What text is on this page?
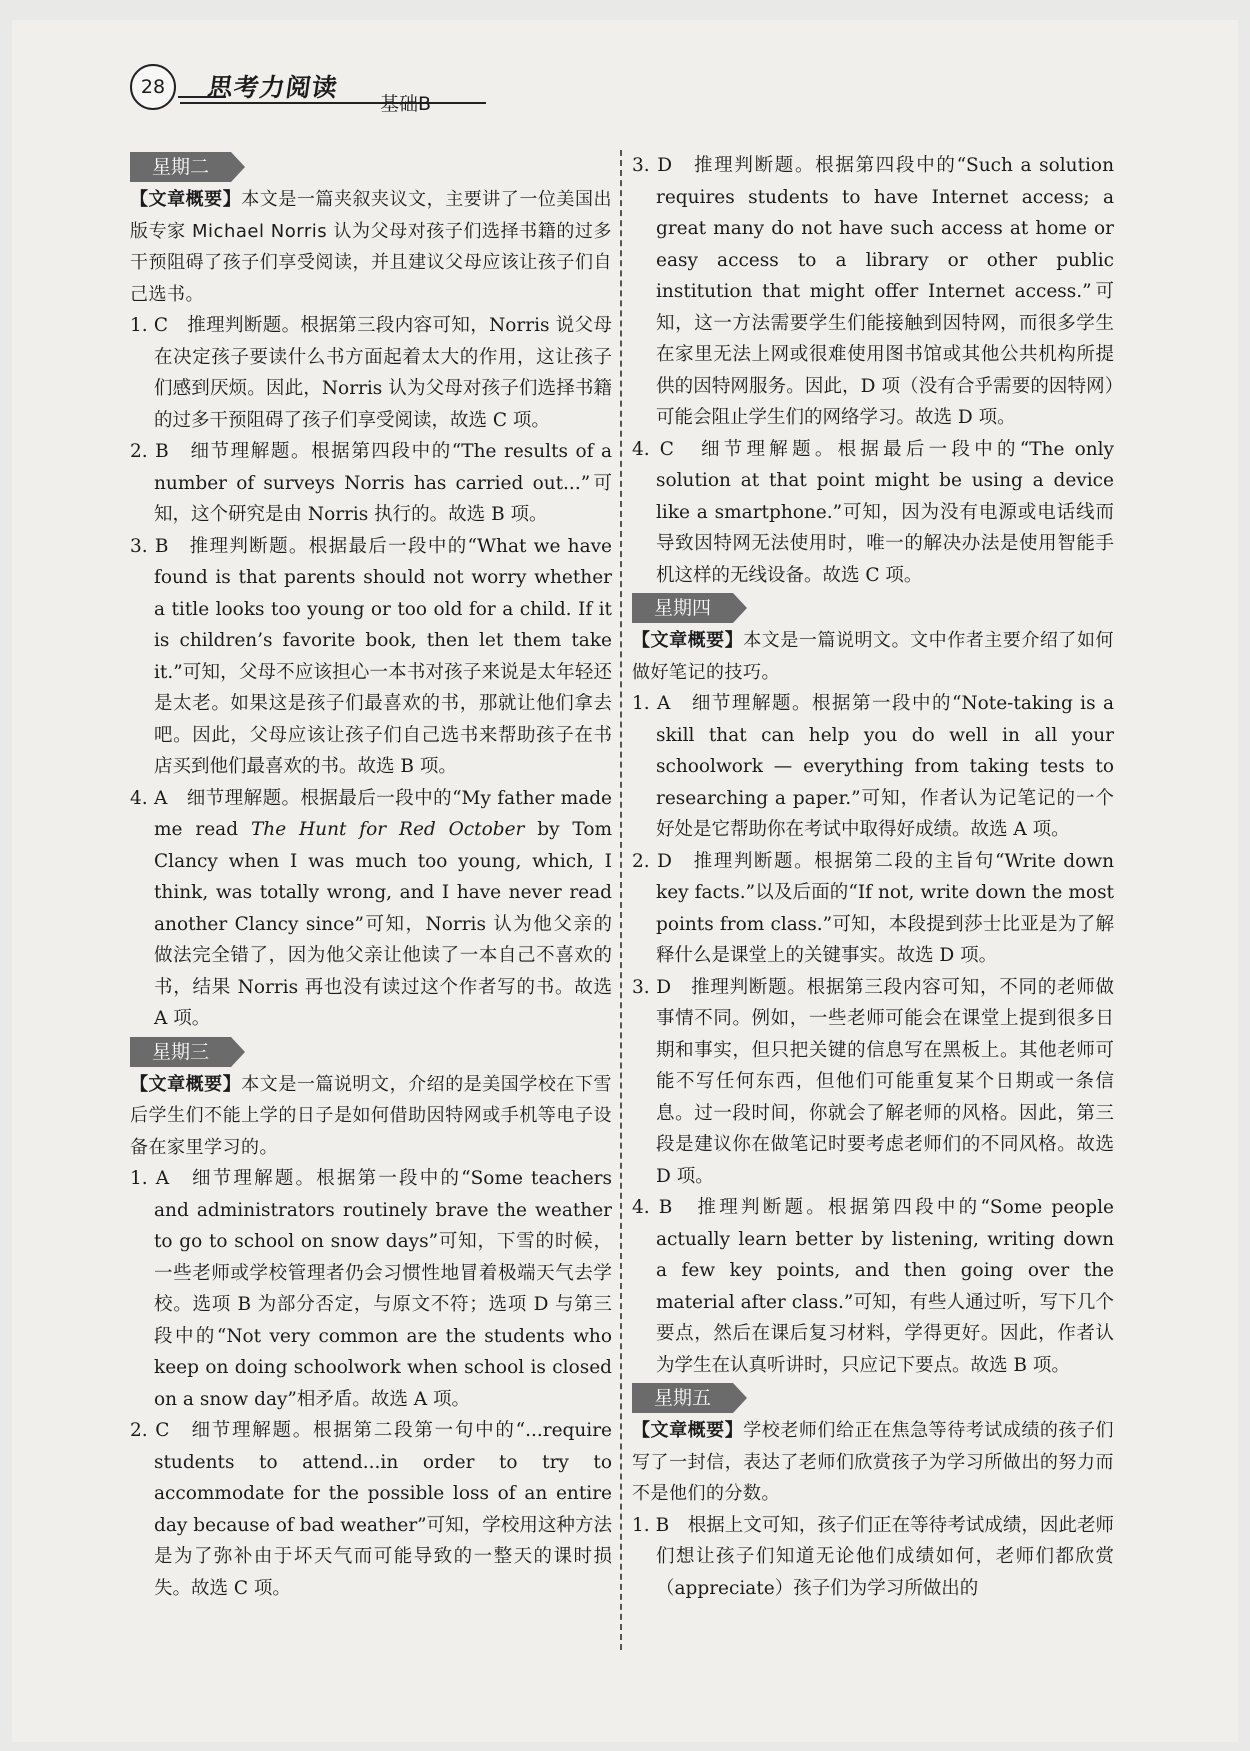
28	思考力阅读
基础B
星期二

【文章概要】本文是一篇夹叙夹议文，主要讲了一位美国出版专家 Michael Norris 认为父母对孩子们选择书籍的过多干预阻碍了孩子们享受阅读，并且建议父母应该让孩子们自己选书。

1. C　推理判断题。根据第三段内容可知，Norris 说父母在决定孩子要读什么书方面起着太大的作用，这让孩子们感到厌烦。因此，Norris 认为父母对孩子们选择书籍的过多干预阻碍了孩子们享受阅读，故选 C 项。

2. B　细节理解题。根据第四段中的“The results of a number of surveys Norris has carried out...”可知，这个研究是由 Norris 执行的。故选 B 项。

3. B　推理判断题。根据最后一段中的“What we have found is that parents should not worry whether a title looks too young or too old for a child. If it is children’s favorite book, then let them take it.”可知，父母不应该担心一本书对孩子来说是太年轻还是太老。如果这是孩子们最喜欢的书，那就让他们拿去吧。因此，父母应该让孩子们自己选书来帮助孩子在书店买到他们最喜欢的书。故选 B 项。

4. A　细节理解题。根据最后一段中的“My father made me read The Hunt for Red October by Tom Clancy when I was much too young, which, I think, was totally wrong, and I have never read another Clancy since”可知，Norris 认为他父亲的做法完全错了，因为他父亲让他读了一本自己不喜欢的书，结果 Norris 再也没有读过这个作者写的书。故选 A 项。

星期三

【文章概要】本文是一篇说明文，介绍的是美国学校在下雪后学生们不能上学的日子是如何借助因特网或手机等电子设备在家里学习的。

1. A　细节理解题。根据第一段中的“Some teachers and administrators routinely brave the weather to go to school on snow days”可知，下雪的时候，一些老师或学校管理者仍会习惯性地冒着极端天气去学校。选项 B 为部分否定，与原文不符；选项 D 与第三段中的“Not very common are the students who keep on doing schoolwork when school is closed on a snow day”相矛盾。故选 A 项。

2. C　细节理解题。根据第二段第一句中的“...require students to attend...in order to try to accommodate for the possible loss of an entire day because of bad weather”可知，学校用这种方法是为了弥补由于坏天气而可能导致的一整天的课时损失。故选 C 项。

3. D　推理判断题。根据第四段中的“Such a solution requires students to have Internet access; a great many do not have such access at home or easy access to a library or other public institution that might offer Internet access.”可知，这一方法需要学生们能接触到因特网，而很多学生在家里无法上网或很难使用图书馆或其他公共机构所提供的因特网服务。因此，D 项（没有合乎需要的因特网）可能会阻止学生们的网络学习。故选 D 项。

4. C　细节理解题。根据最后一段中的“The only solution at that point might be using a device like a smartphone.”可知，因为没有电源或电话线而导致因特网无法使用时，唯一的解决办法是使用智能手机这样的无线设备。故选 C 项。

星期四

【文章概要】本文是一篇说明文。文中作者主要介绍了如何做好笔记的技巧。

1. A　细节理解题。根据第一段中的“Note-taking is a skill that can help you do well in all your schoolwork — everything from taking tests to researching a paper.”可知，作者认为记笔记的一个好处是它帮助你在考试中取得好成绩。故选 A 项。

2. D　推理判断题。根据第二段的主旨句“Write down key facts.”以及后面的“If not, write down the most points from class.”可知，本段提到莎士比亚是为了解释什么是课堂上的关键事实。故选 D 项。

3. D　推理判断题。根据第三段内容可知，不同的老师做事情不同。例如，一些老师可能会在课堂上提到很多日期和事实，但只把关键的信息写在黑板上。其他老师可能不写任何东西，但他们可能重复某个日期或一条信息。过一段时间，你就会了解老师的风格。因此，第三段是建议你在做笔记时要考虑老师们的不同风格。故选 D 项。

4. B　推理判断题。根据第四段中的“Some people actually learn better by listening, writing down a few key points, and then going over the material after class.”可知，有些人通过听，写下几个要点，然后在课后复习材料，学得更好。因此，作者认为学生在认真听讲时，只应记下要点。故选 B 项。

星期五

【文章概要】学校老师们给正在焦急等待考试成绩的孩子们写了一封信，表达了老师们欣赏孩子为学习所做出的努力而不是他们的分数。

1. B　根据上文可知，孩子们正在等待考试成绩，因此老师们想让孩子们知道无论他们成绩如何，老师们都欣赏（appreciate）孩子们为学习所做出的
